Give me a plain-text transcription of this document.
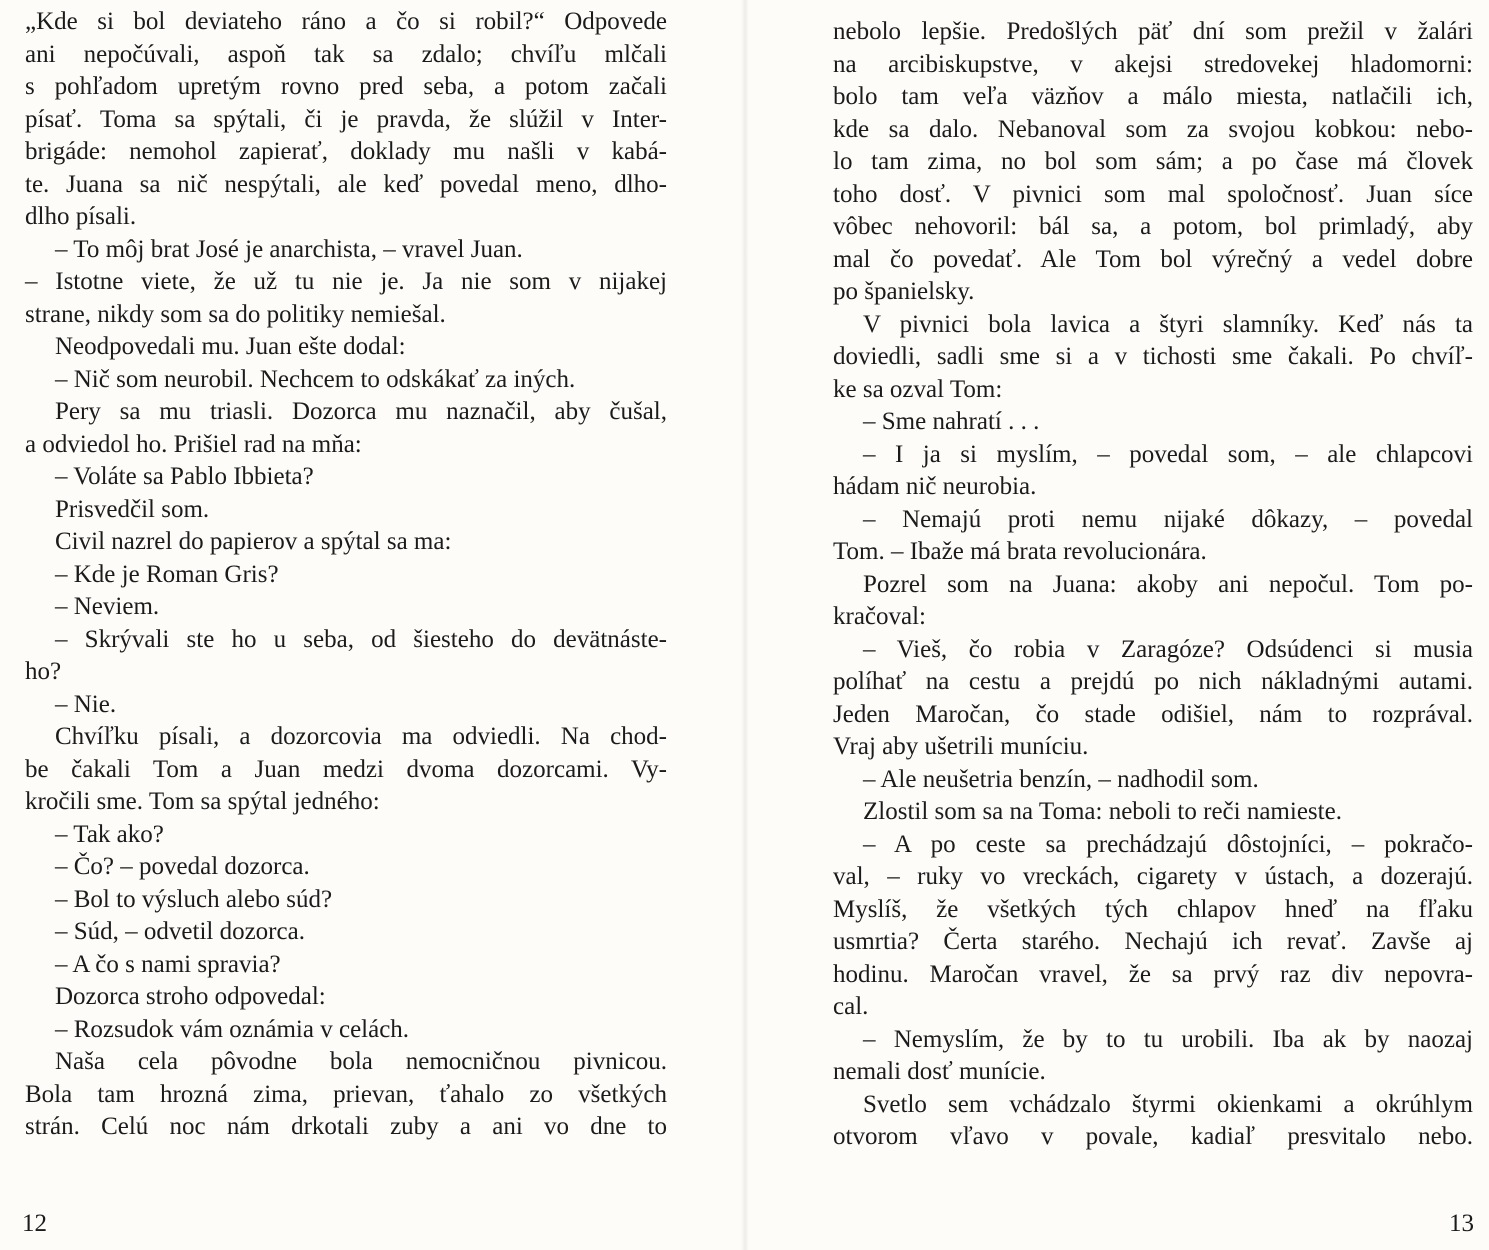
„Kde si bol deviateho ráno a čo si robil?“ Odpovede
ani nepočúvali, aspoň tak sa zdalo; chvíľu mlčali
s pohľadom upretým rovno pred seba, a potom začali
písať. Toma sa spýtali, či je pravda, že slúžil v Inter-
brigáde: nemohol zapierať, doklady mu našli v kabá-
te. Juana sa nič nespýtali, ale keď povedal meno, dlho-
dlho písali.
– To môj brat José je anarchista, – vravel Juan.
– Istotne viete, že už tu nie je. Ja nie som v nijakej
strane, nikdy som sa do politiky nemiešal.
Neodpovedali mu. Juan ešte dodal:
– Nič som neurobil. Nechcem to odskákať za iných.
Pery sa mu triasli. Dozorca mu naznačil, aby čušal,
a odviedol ho. Prišiel rad na mňa:
– Voláte sa Pablo Ibbieta?
Prisvedčil som.
Civil nazrel do papierov a spýtal sa ma:
– Kde je Roman Gris?
– Neviem.
– Skrývali ste ho u seba, od šiesteho do devätnáste-
ho?
– Nie.
Chvíľku písali, a dozorcovia ma odviedli. Na chod-
be čakali Tom a Juan medzi dvoma dozorcami. Vy-
kročili sme. Tom sa spýtal jedného:
– Tak ako?
– Čo? – povedal dozorca.
– Bol to výsluch alebo súd?
– Súd, – odvetil dozorca.
– A čo s nami spravia?
Dozorca stroho odpovedal:
– Rozsudok vám oznámia v celách.
Naša cela pôvodne bola nemocničnou pivnicou.
Bola tam hrozná zima, prievan, ťahalo zo všetkých
strán. Celú noc nám drkotali zuby a ani vo dne to
12
nebolo lepšie. Predošlých päť dní som prežil v žalári
na arcibiskupstve, v akejsi stredovekej hladomorni:
bolo tam veľa väzňov a málo miesta, natlačili ich,
kde sa dalo. Nebanoval som za svojou kobkou: nebo-
lo tam zima, no bol som sám; a po čase má človek
toho dosť. V pivnici som mal spoločnosť. Juan síce
vôbec nehovoril: bál sa, a potom, bol primladý, aby
mal čo povedať. Ale Tom bol výrečný a vedel dobre
po španielsky.
V pivnici bola lavica a štyri slamníky. Keď nás ta
doviedli, sadli sme si a v tichosti sme čakali. Po chvíľ-
ke sa ozval Tom:
– Sme nahratí . . .
– I ja si myslím, – povedal som, – ale chlapcovi
hádam nič neurobia.
– Nemajú proti nemu nijaké dôkazy, – povedal
Tom. – Ibaže má brata revolucionára.
Pozrel som na Juana: akoby ani nepočul. Tom po-
kračoval:
– Vieš, čo robia v Zaragóze? Odsúdenci si musia
políhať na cestu a prejdú po nich nákladnými autami.
Jeden Maročan, čo stade odišiel, nám to rozprával.
Vraj aby ušetrili muníciu.
– Ale neušetria benzín, – nadhodil som.
Zlostil som sa na Toma: neboli to reči namieste.
– A po ceste sa prechádzajú dôstojníci, – pokračo-
val, – ruky vo vreckách, cigarety v ústach, a dozerajú.
Myslíš, že všetkých tých chlapov hneď na fľaku
usmrtia? Čerta starého. Nechajú ich revať. Zavše aj
hodinu. Maročan vravel, že sa prvý raz div nepovra-
cal.
– Nemyslím, že by to tu urobili. Iba ak by naozaj
nemali dosť munície.
Svetlo sem vchádzalo štyrmi okienkami a okrúhlym
otvorom vľavo v povale, kadiaľ presvitalo nebo.
13
